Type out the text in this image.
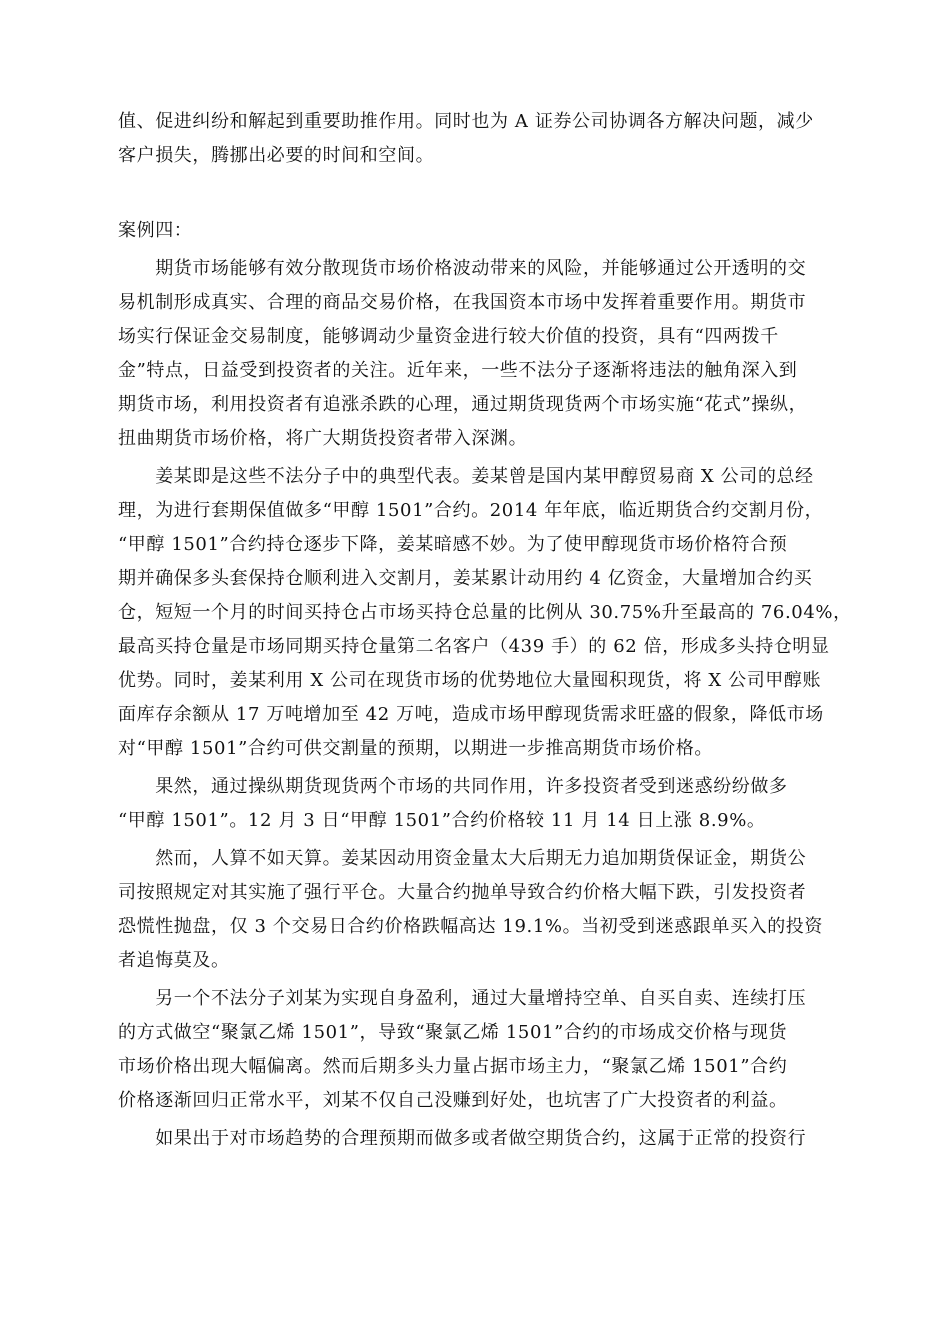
值、促进纠纷和解起到重要助推作用。同时也为 A 证券公司协调各方解决问题，减少
客户损失，腾挪出必要的时间和空间。

案例四：

　　期货市场能够有效分散现货市场价格波动带来的风险，并能够通过公开透明的交
易机制形成真实、合理的商品交易价格，在我国资本市场中发挥着重要作用。期货市
场实行保证金交易制度，能够调动少量资金进行较大价值的投资，具有“四两拨千
金”特点，日益受到投资者的关注。近年来，一些不法分子逐渐将违法的触角深入到
期货市场，利用投资者有追涨杀跌的心理，通过期货现货两个市场实施“花式”操纵，
扭曲期货市场价格，将广大期货投资者带入深渊。

　　姜某即是这些不法分子中的典型代表。姜某曾是国内某甲醇贸易商 X 公司的总经
理，为进行套期保值做多“甲醇 1501”合约。2014 年年底，临近期货合约交割月份，
“甲醇 1501”合约持仓逐步下降，姜某暗感不妙。为了使甲醇现货市场价格符合预
期并确保多头套保持仓顺利进入交割月，姜某累计动用约 4 亿资金，大量增加合约买
仓，短短一个月的时间买持仓占市场买持仓总量的比例从 30.75%升至最高的 76.04%，
最高买持仓量是市场同期买持仓量第二名客户（439 手）的 62 倍，形成多头持仓明显
优势。同时，姜某利用 X 公司在现货市场的优势地位大量囤积现货，将 X 公司甲醇账
面库存余额从 17 万吨增加至 42 万吨，造成市场甲醇现货需求旺盛的假象，降低市场
对“甲醇 1501”合约可供交割量的预期，以期进一步推高期货市场价格。

　　果然，通过操纵期货现货两个市场的共同作用，许多投资者受到迷惑纷纷做多
“甲醇 1501”。12 月 3 日“甲醇 1501”合约价格较 11 月 14 日上涨 8.9%。

　　然而，人算不如天算。姜某因动用资金量太大后期无力追加期货保证金，期货公
司按照规定对其实施了强行平仓。大量合约抛单导致合约价格大幅下跌，引发投资者
恐慌性抛盘，仅 3 个交易日合约价格跌幅高达 19.1%。当初受到迷惑跟单买入的投资
者追悔莫及。

　　另一个不法分子刘某为实现自身盈利，通过大量增持空单、自买自卖、连续打压
的方式做空“聚氯乙烯 1501”，导致“聚氯乙烯 1501”合约的市场成交价格与现货
市场价格出现大幅偏离。然而后期多头力量占据市场主力，“聚氯乙烯 1501”合约
价格逐渐回归正常水平，刘某不仅自己没赚到好处，也坑害了广大投资者的利益。

　　如果出于对市场趋势的合理预期而做多或者做空期货合约，这属于正常的投资行
